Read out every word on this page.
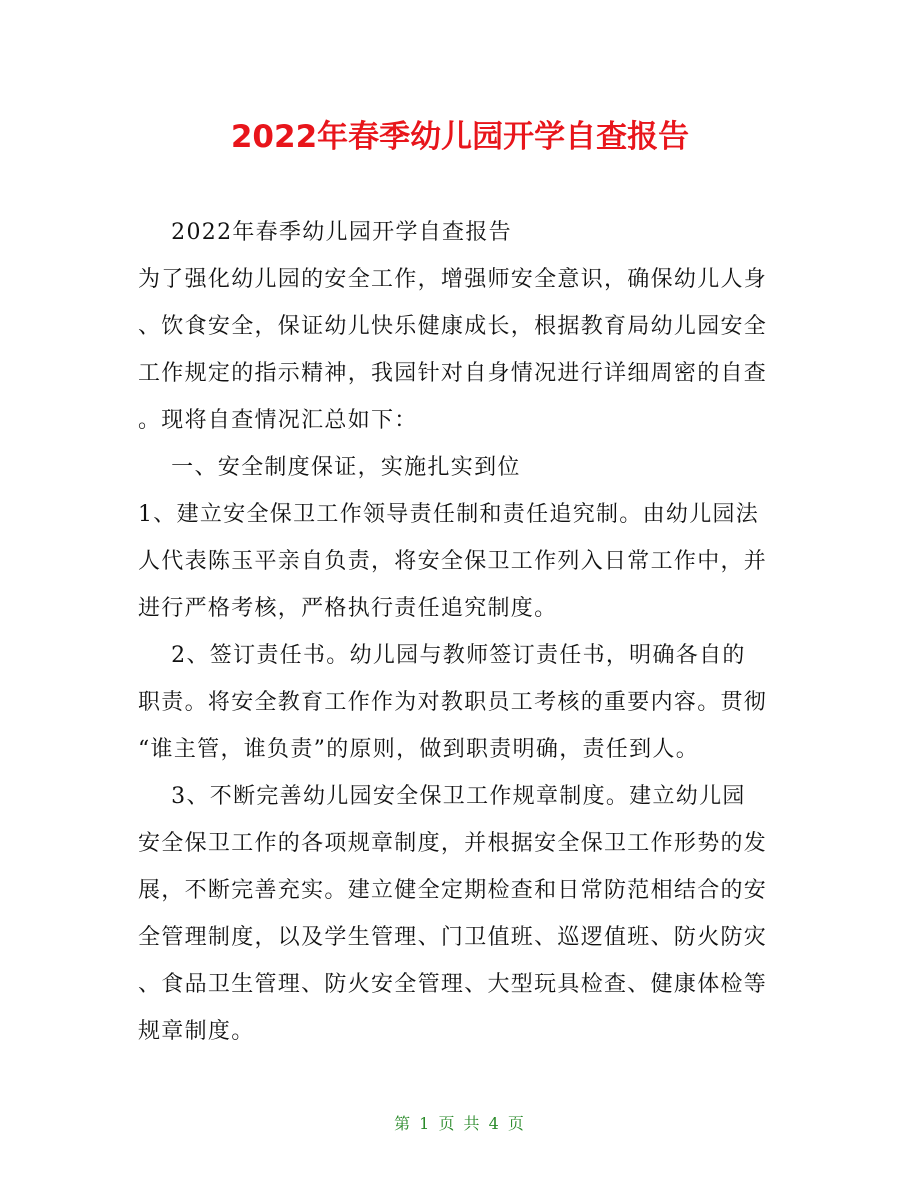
2022年春季幼儿园开学自查报告
2022年春季幼儿园开学自查报告
为了强化幼儿园的安全工作，增强师安全意识，确保幼儿人身
、饮食安全，保证幼儿快乐健康成长，根据教育局幼儿园安全
工作规定的指示精神，我园针对自身情况进行详细周密的自查
。现将自查情况汇总如下：
一、安全制度保证，实施扎实到位
1、建立安全保卫工作领导责任制和责任追究制。由幼儿园法
人代表陈玉平亲自负责，将安全保卫工作列入日常工作中，并
进行严格考核，严格执行责任追究制度。
2、签订责任书。幼儿园与教师签订责任书，明确各自的
职责。将安全教育工作作为对教职员工考核的重要内容。贯彻
“谁主管，谁负责”的原则，做到职责明确，责任到人。
3、不断完善幼儿园安全保卫工作规章制度。建立幼儿园
安全保卫工作的各项规章制度，并根据安全保卫工作形势的发
展，不断完善充实。建立健全定期检查和日常防范相结合的安
全管理制度，以及学生管理、门卫值班、巡逻值班、防火防灾
、食品卫生管理、防火安全管理、大型玩具检查、健康体检等
规章制度。
第 1 页 共 4 页
